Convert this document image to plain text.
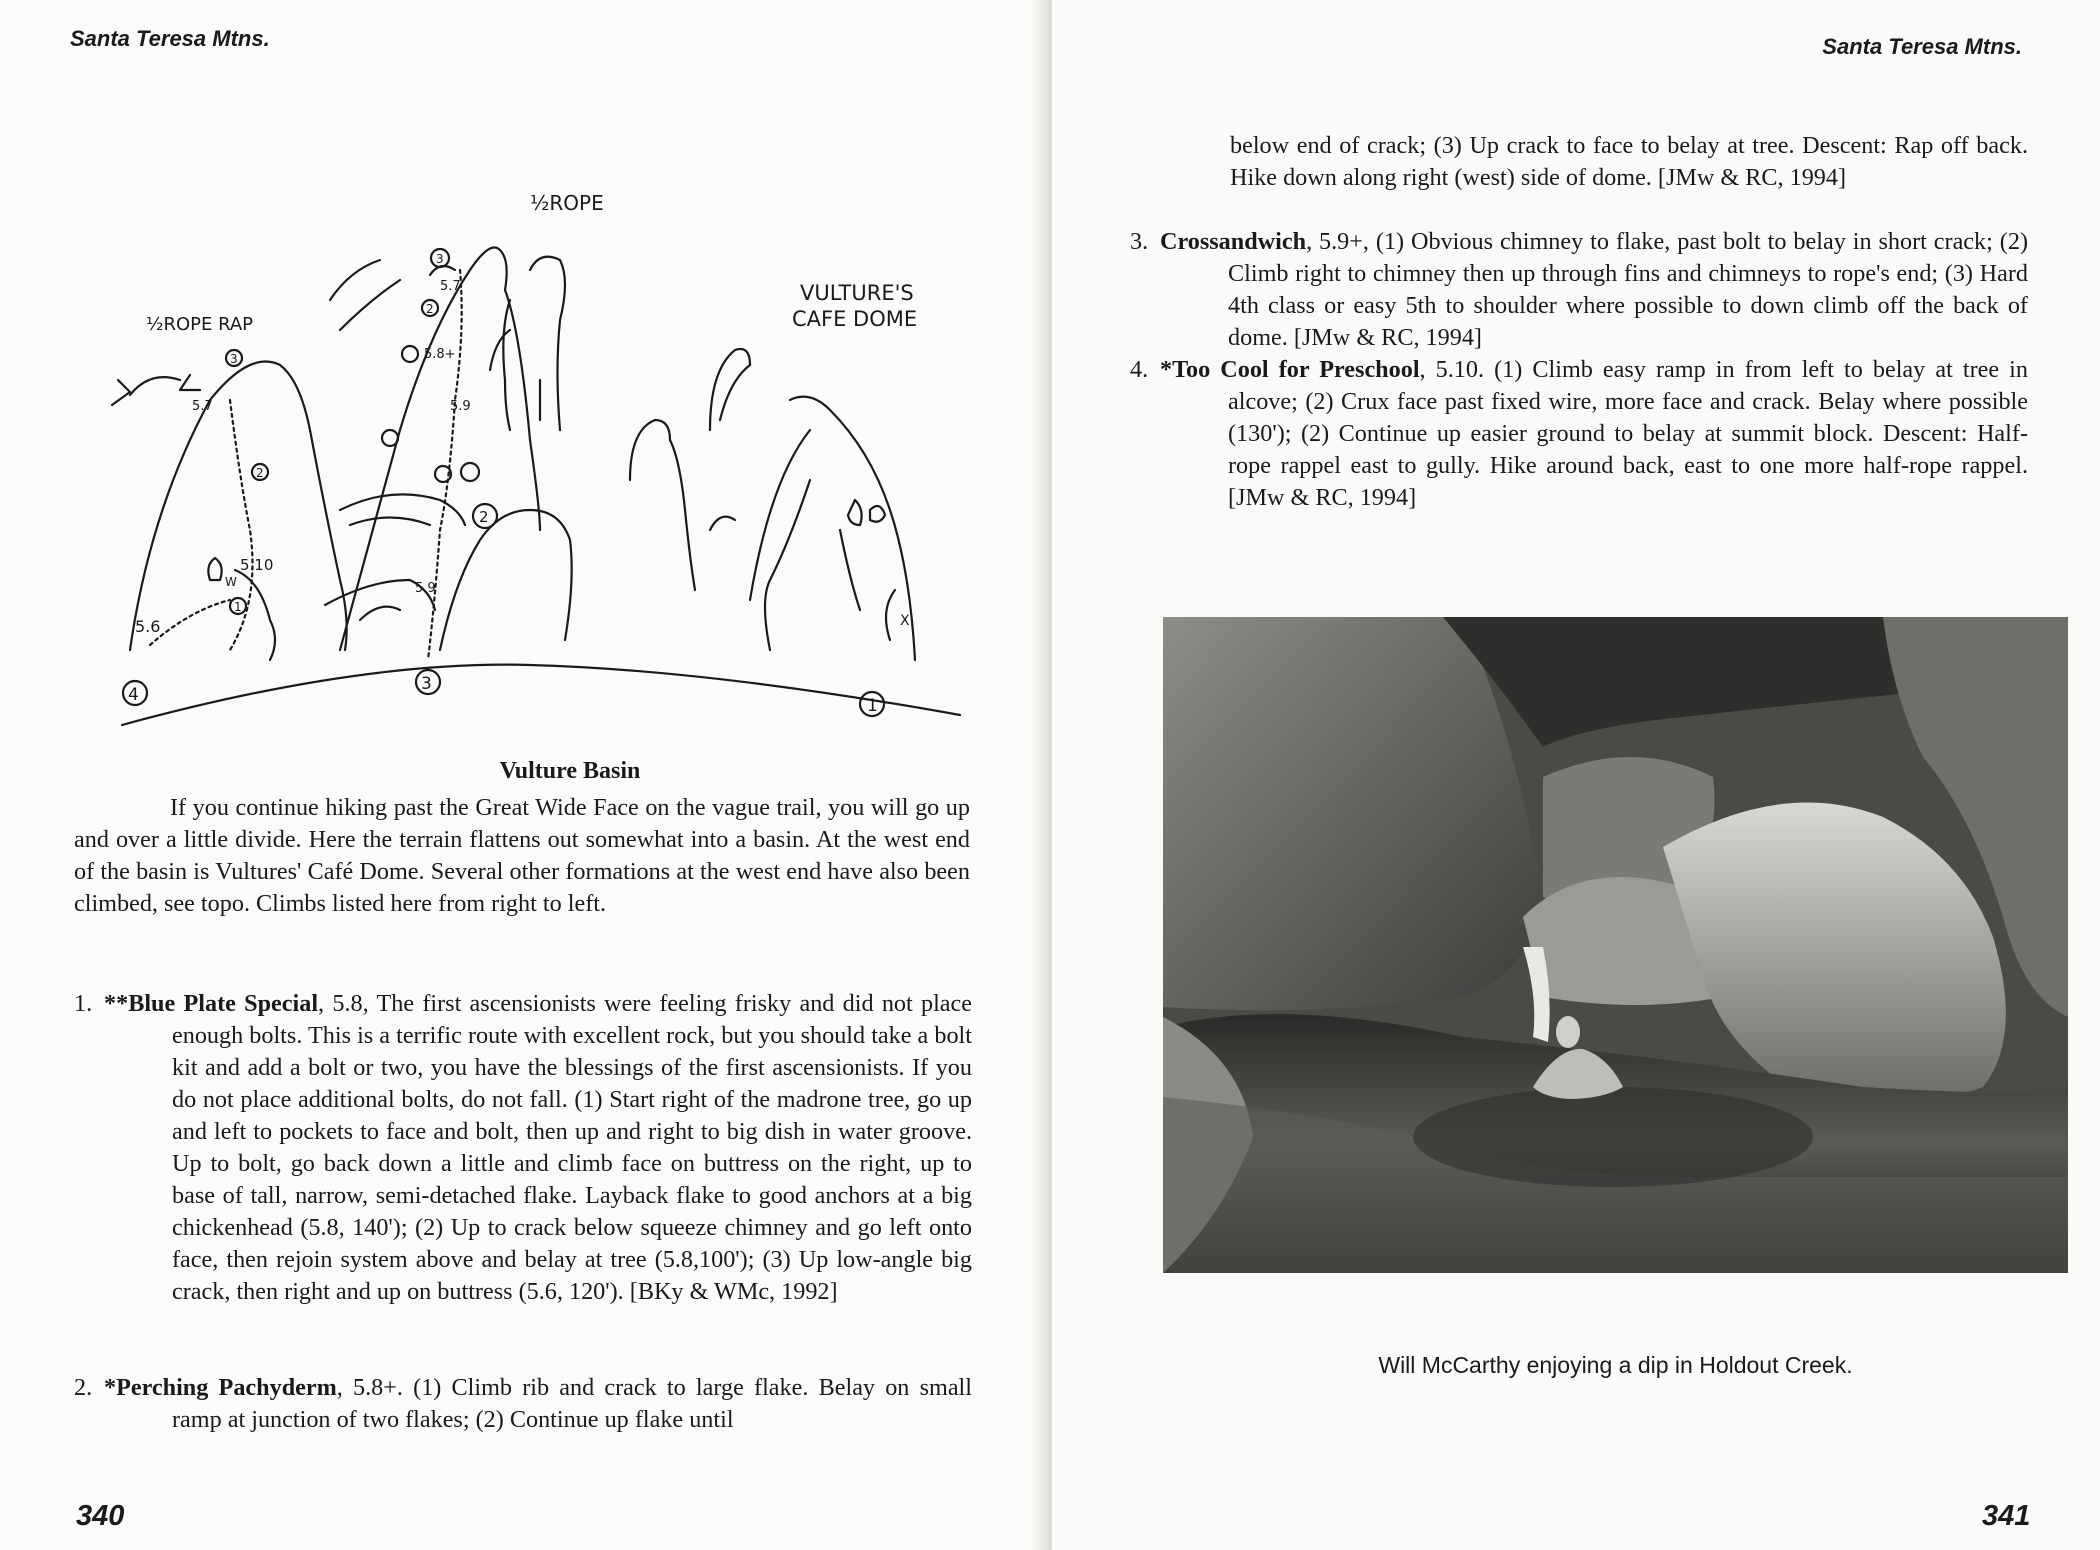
Santa Teresa Mtns.
½ROPE
½ROPE RAP
VULTURE'S
CAFE DOME
5.7
5.7
5.8+
5.9
5.9
5.10
5.6
W
X
3
2
3
2
1
2
4
3
1
Vulture Basin
If you continue hiking past the Great Wide Face on the vague trail, you will go up and over a little divide. Here the terrain flattens out somewhat into a basin. At the west end of the basin is Vultures' Café Dome. Several other formations at the west end have also been climbed, see topo. Climbs listed here from right to left.
1. **Blue Plate Special, 5.8, The first ascensionists were feeling frisky and did not place enough bolts. This is a terrific route with excellent rock, but you should take a bolt kit and add a bolt or two, you have the blessings of the first ascensionists. If you do not place additional bolts, do not fall. (1) Start right of the madrone tree, go up and left to pockets to face and bolt, then up and right to big dish in water groove. Up to bolt, go back down a little and climb face on buttress on the right, up to base of tall, narrow, semi-detached flake. Layback flake to good anchors at a big chickenhead (5.8, 140'); (2) Up to crack below squeeze chimney and go left onto face, then rejoin system above and belay at tree (5.8,100'); (3) Up low-angle big crack, then right and up on buttress (5.6, 120'). [BKy & WMc, 1992]
2. *Perching Pachyderm, 5.8+. (1) Climb rib and crack to large flake. Belay on small ramp at junction of two flakes; (2) Continue up flake until
340
Santa Teresa Mtns.
below end of crack; (3) Up crack to face to belay at tree. Descent: Rap off back. Hike down along right (west) side of dome. [JMw & RC, 1994]
3. Crossandwich, 5.9+, (1) Obvious chimney to flake, past bolt to belay in short crack; (2) Climb right to chimney then up through fins and chimneys to rope's end; (3) Hard 4th class or easy 5th to shoulder where possible to down climb off the back of dome. [JMw & RC, 1994]
4. *Too Cool for Preschool, 5.10. (1) Climb easy ramp in from left to belay at tree in alcove; (2) Crux face past fixed wire, more face and crack. Belay where possible (130'); (2) Continue up easier ground to belay at summit block. Descent: Half-rope rappel east to gully. Hike around back, east to one more half-rope rappel. [JMw & RC, 1994]
Will McCarthy enjoying a dip in Holdout Creek.
341
